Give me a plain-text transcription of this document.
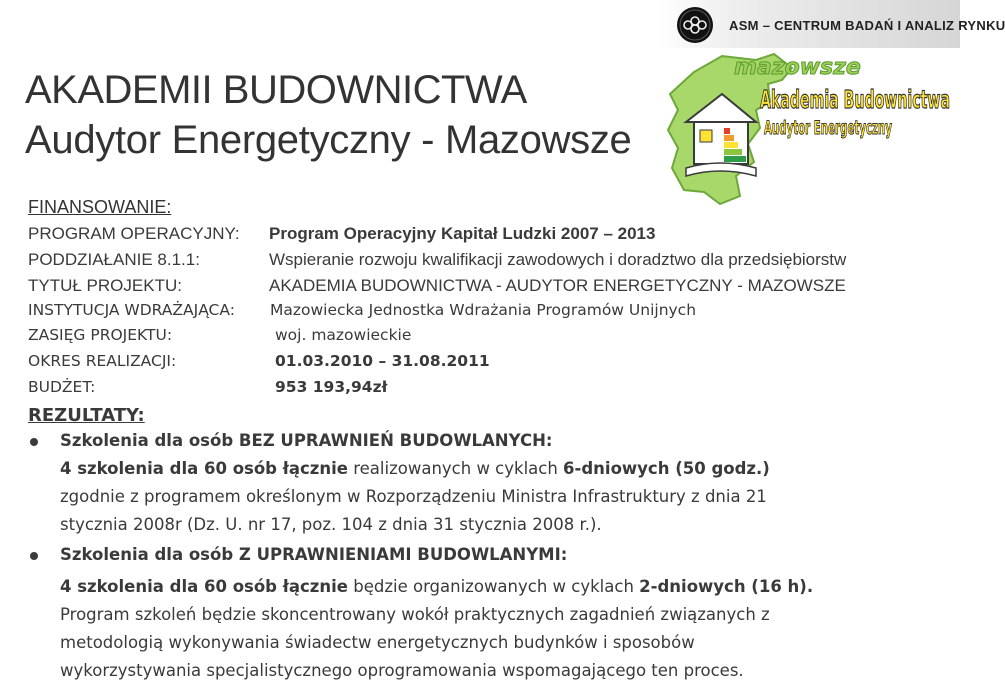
ASM – CENTRUM BADAŃ I ANALIZ RYNKU
AKADEMII BUDOWNICTWA
Audytor Energetyczny - Mazowsze
mazowsze
Akademia Budownictwa
Audytor Energetyczny
FINANSOWANIE:
PROGRAM OPERACYJNY: Program Operacyjny Kapitał Ludzki 2007 – 2013
PODDZIAŁANIE 8.1.1:	Wspieranie rozwoju kwalifikacji zawodowych i doradztwo dla przedsiębiorstw
TYTUŁ PROJEKTU:	AKADEMIA BUDOWNICTWA - AUDYTOR ENERGETYCZNY - MAZOWSZE
INSTYTUCJA WDRAŻAJĄCA: Mazowiecka Jednostka Wdrażania Programów Unijnych
ZASIĘG PROJEKTU:	woj. mazowieckie
OKRES REALIZACJI:	01.03.2010 – 31.08.2011
BUDŻET:	953 193,94zł
REZULTATY:
Szkolenia dla osób BEZ UPRAWNIEŃ BUDOWLANYCH:
4 szkolenia dla 60 osób łącznie realizowanych w cyklach 6-dniowych (50 godz.)
zgodnie z programem określonym w Rozporządzeniu Ministra Infrastruktury z dnia 21
stycznia 2008r (Dz. U. nr 17, poz. 104 z dnia 31 stycznia 2008 r.).
Szkolenia dla osób Z UPRAWNIENIAMI BUDOWLANYMI:
4 szkolenia dla 60 osób łącznie będzie organizowanych w cyklach 2-dniowych (16 h).
Program szkoleń będzie skoncentrowany wokół praktycznych zagadnień związanych z
metodologią wykonywania świadectw energetycznych budynków i sposobów
wykorzystywania specjalistycznego oprogramowania wspomagającego ten proces.
